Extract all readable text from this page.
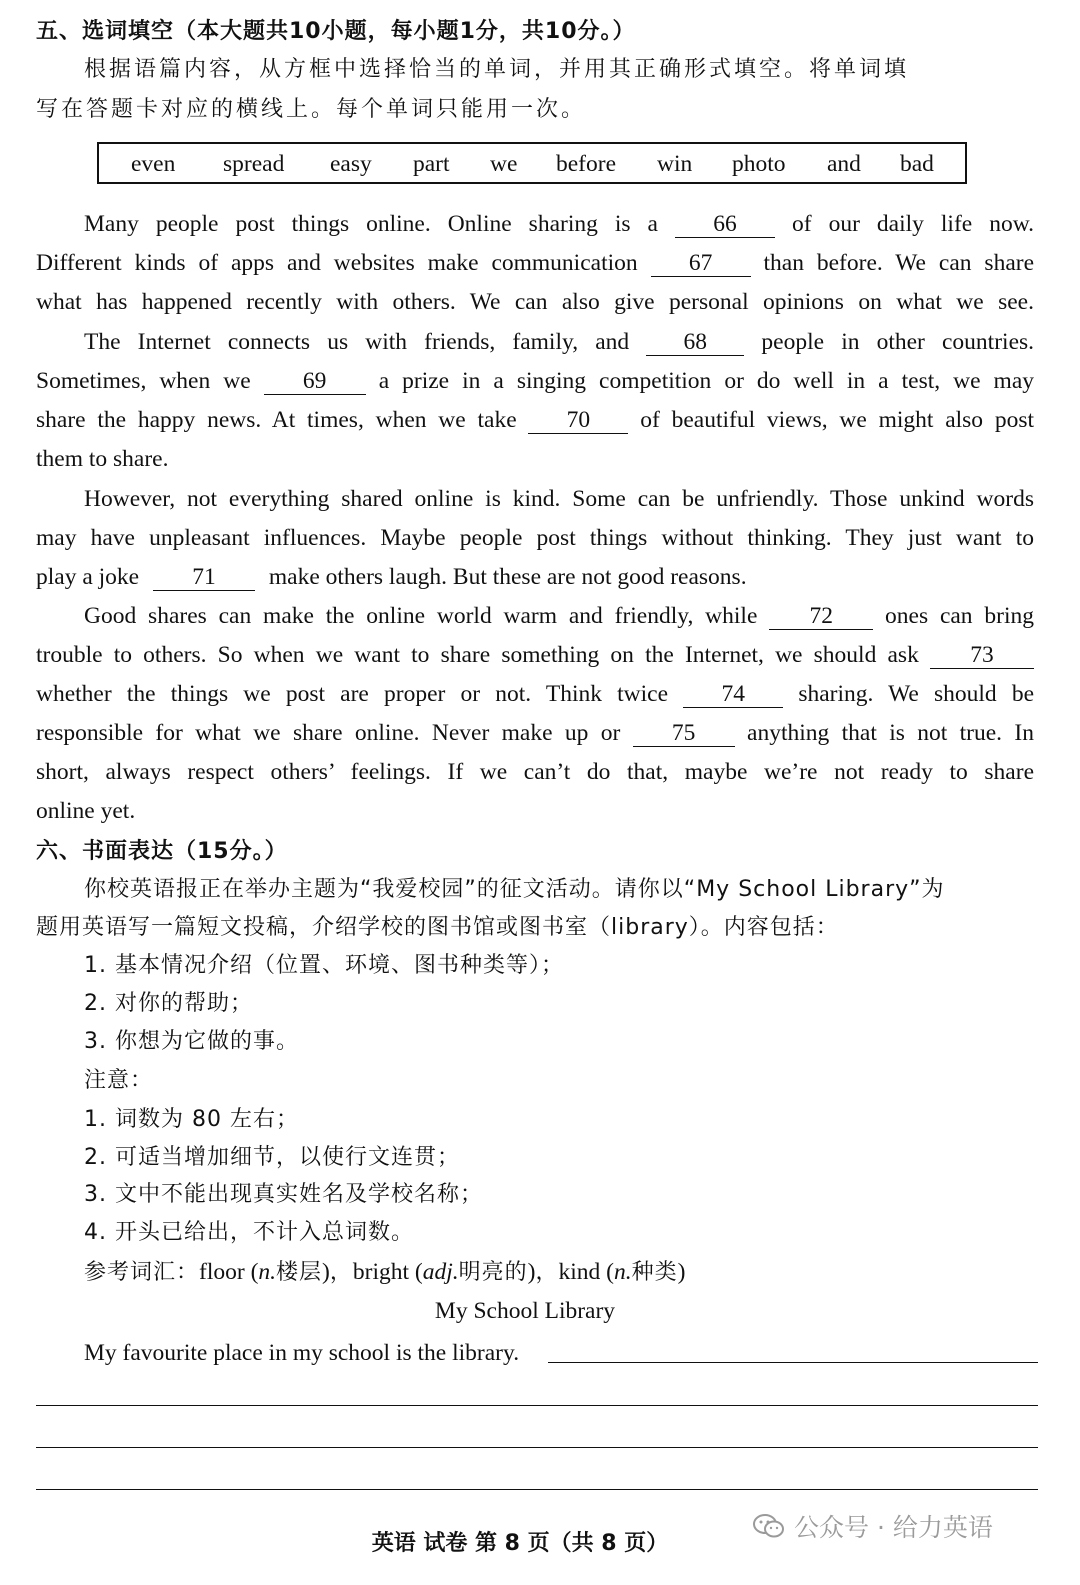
五、选词填空（本大题共10小题，每小题1分，共10分。）
根据语篇内容，从方框中选择恰当的单词，并用其正确形式填空。将单词填
写在答题卡对应的横线上。每个单词只能用一次。
even spread easy part we before win photo and bad
Many people post things online. Online sharing is a 66 of our daily life now.
Different kinds of apps and websites make communication 67 than before. We can share
what has happened recently with others. We can also give personal opinions on what we see.
The Internet connects us with friends, family, and 68 people in other countries.
Sometimes, when we 69 a prize in a singing competition or do well in a test, we may
share the happy news. At times, when we take 70 of beautiful views, we might also post
them to share.
However, not everything shared online is kind. Some can be unfriendly. Those unkind words
may have unpleasant influences. Maybe people post things without thinking. They just want to
play a joke 71 make others laugh. But these are not good reasons.
Good shares can make the online world warm and friendly, while 72 ones can bring
trouble to others. So when we want to share something on the Internet, we should ask 73
whether the things we post are proper or not. Think twice 74 sharing. We should be
responsible for what we share online. Never make up or 75 anything that is not true. In
short, always respect others’ feelings. If we can’t do that, maybe we’re not ready to share
online yet.
六、书面表达（15分。）
你校英语报正在举办主题为“我爱校园”的征文活动。请你以“My School Library”为
题用英语写一篇短文投稿，介绍学校的图书馆或图书室（library）。内容包括：
1. 基本情况介绍（位置、环境、图书种类等）；
2. 对你的帮助；
3. 你想为它做的事。
注意：
1. 词数为 80 左右；
2. 可适当增加细节，以使行文连贯；
3. 文中不能出现真实姓名及学校名称；
4. 开头已给出，不计入总词数。
参考词汇：floor (n.楼层)，bright (adj.明亮的)，kind (n.种类)
My School Library
My favourite place in my school is the library.
英语 试卷 第 8 页（共 8 页）
公众号 · 给力英语
